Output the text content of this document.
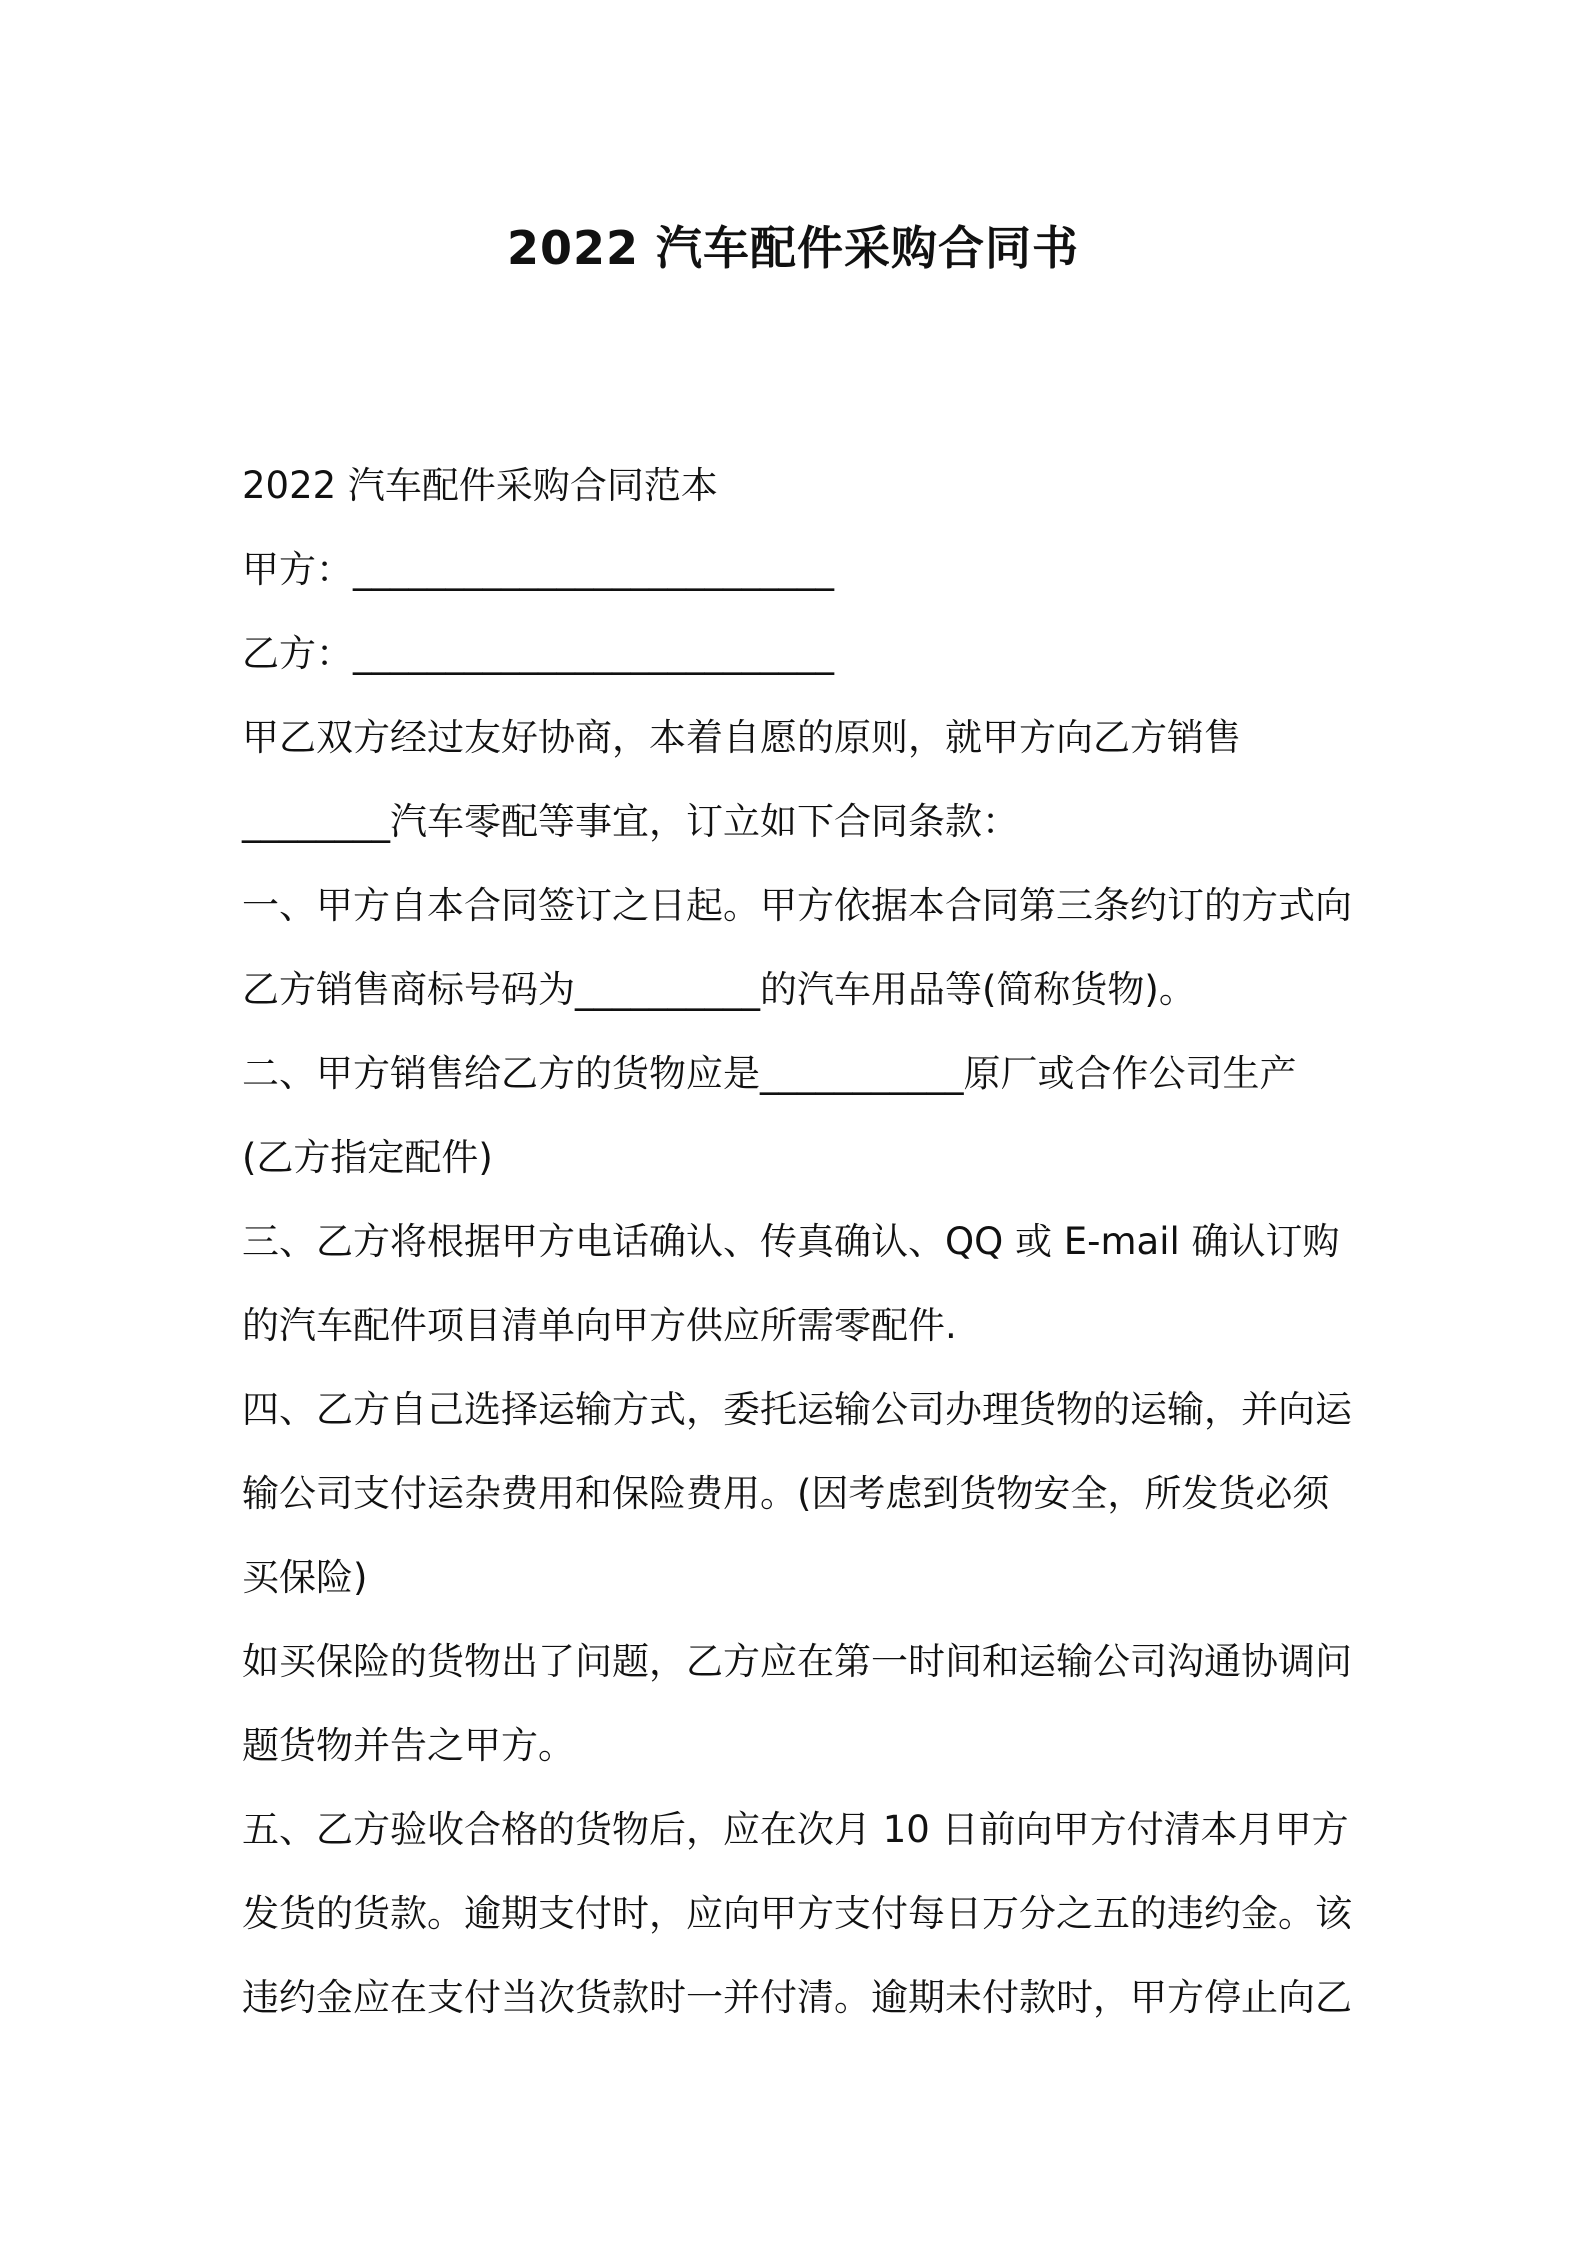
2022 汽车配件采购合同书
2022 汽车配件采购合同范本
甲方：__________________________
乙方：__________________________
甲乙双方经过友好协商，本着自愿的原则，就甲方向乙方销售
________汽车零配等事宜，订立如下合同条款：
一、甲方自本合同签订之日起。甲方依据本合同第三条约订的方式向
乙方销售商标号码为__________的汽车用品等(简称货物)。
二、甲方销售给乙方的货物应是___________原厂或合作公司生产
(乙方指定配件)
三、乙方将根据甲方电话确认、传真确认、QQ 或 E-mail 确认订购
的汽车配件项目清单向甲方供应所需零配件.
四、乙方自己选择运输方式，委托运输公司办理货物的运输，并向运
输公司支付运杂费用和保险费用。(因考虑到货物安全，所发货必须
买保险)
如买保险的货物出了问题，乙方应在第一时间和运输公司沟通协调问
题货物并告之甲方。
五、乙方验收合格的货物后，应在次月 10 日前向甲方付清本月甲方
发货的货款。逾期支付时，应向甲方支付每日万分之五的违约金。该
违约金应在支付当次货款时一并付清。逾期未付款时，甲方停止向乙
